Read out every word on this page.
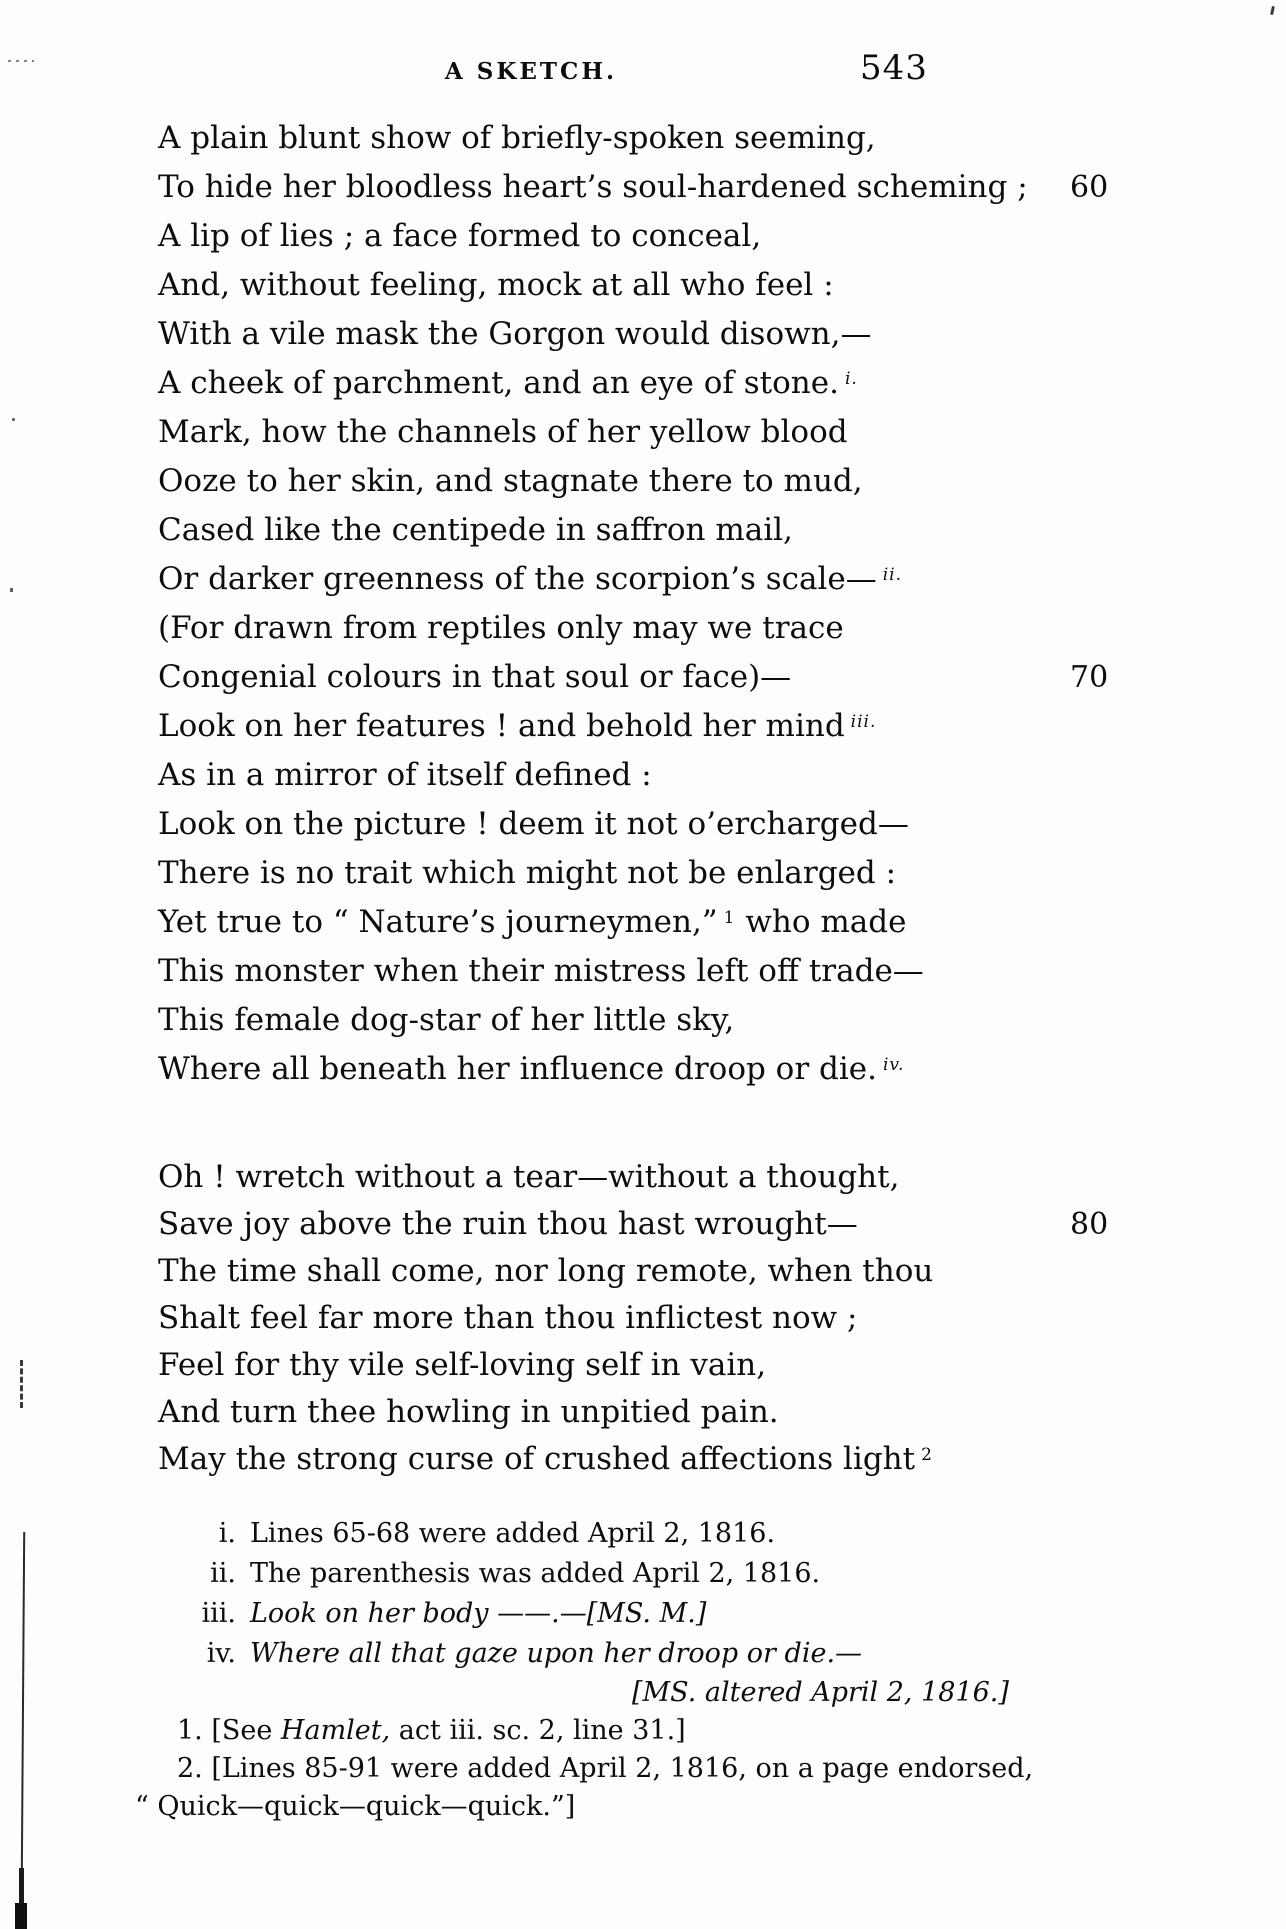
A SKETCH.	543
A plain blunt show of briefly-spoken seeming,
To hide her bloodless heart’s soul-hardened scheming ; 60
A lip of lies ; a face formed to conceal,
And, without feeling, mock at all who feel :
With a vile mask the Gorgon would disown,—
A cheek of parchment, and an eye of stone. $^{i.}$
Mark, how the channels of her yellow blood
Ooze to her skin, and stagnate there to mud,
Cased like the centipede in saffron mail,
Or darker greenness of the scorpion’s scale— $^{ii.}$
(For drawn from reptiles only may we trace
Congenial colours in that soul or face)—	70
Look on her features ! and behold her mind $^{iii.}$
As in a mirror of itself defined :
Look on the picture ! deem it not o’ercharged—
There is no trait which might not be enlarged :
Yet true to “ Nature’s journeymen,” $^1$ who made
This monster when their mistress left off trade—
This female dog-star of her little sky,
Where all beneath her influence droop or die. $^{iv.}$
Oh ! wretch without a tear—without a thought,
Save joy above the ruin thou hast wrought—	80
The time shall come, nor long remote, when thou
Shalt feel far more than thou inflictest now ;
Feel for thy vile self-loving self in vain,
And turn thee howling in unpitied pain.
May the strong curse of crushed affections light $^2$
i. Lines 65-68 were added April 2, 1816.
ii. The parenthesis was added April 2, 1816.
iii. Look on her body ——.—[MS. M.]
iv. Where all that gaze upon her droop or die.—
[MS. altered April 2, 1816.]
1. [See Hamlet, act iii. sc. 2, line 31.]
2. [Lines 85-91 were added April 2, 1816, on a page endorsed,
“ Quick—quick—quick—quick.”]
